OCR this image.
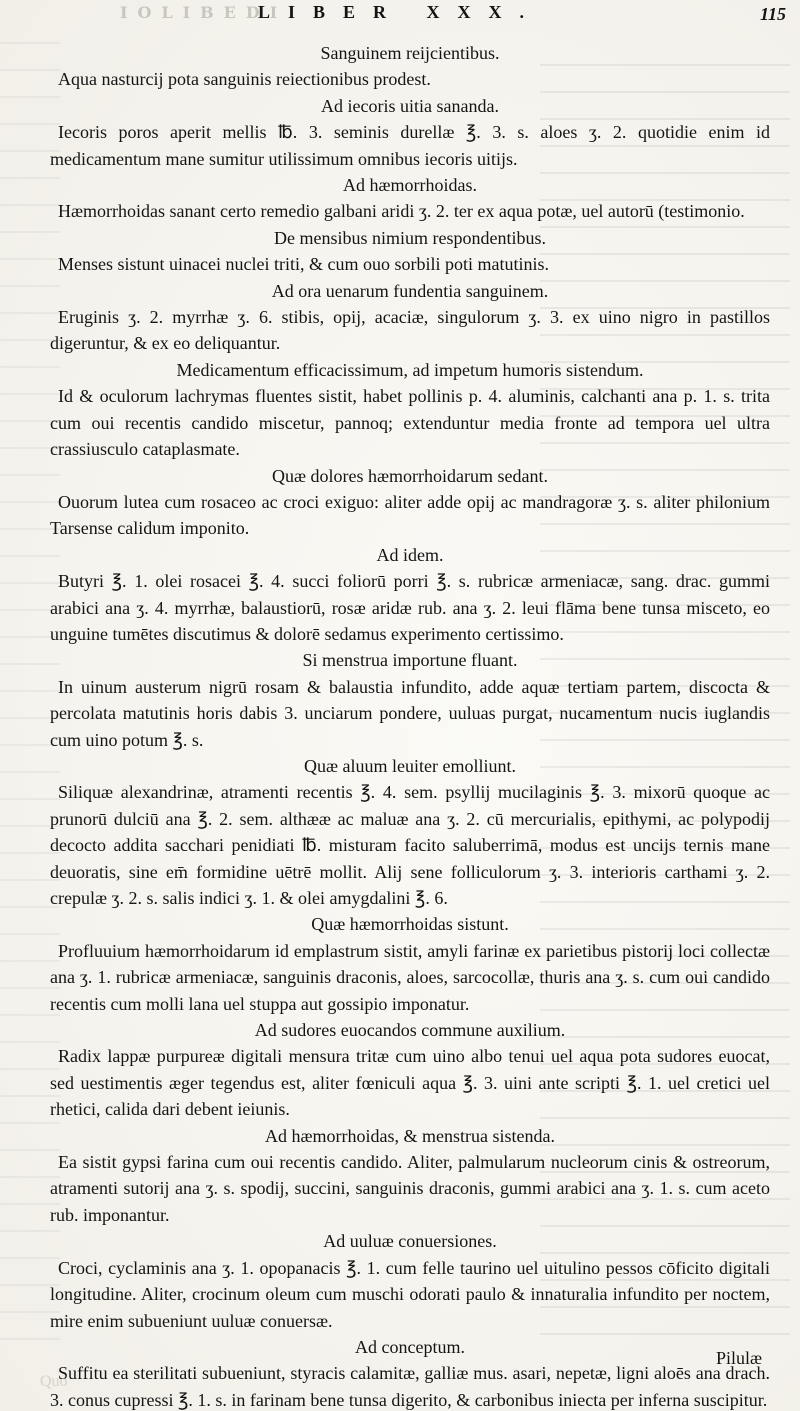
IOLIBEDI
LIBER XXX.	115
Sanguinem reijcientibus.

Aqua nasturcij pota sanguinis reiectionibus prodest.

Ad iecoris uitia sananda.

Iecoris poros aperit mellis ℔. 3. seminis durellæ ℥. 3. s. aloes ʒ. 2. quotidie enim id medicamentum mane sumitur utilissimum omnibus iecoris uitijs.

Ad hæmorrhoidas.

Hæmorrhoidas sanant certo remedio galbani aridi ʒ. 2. ter ex aqua potæ, uel autorū (testimonio.

De mensibus nimium respondentibus.

Menses sistunt uinacei nuclei triti, & cum ouo sorbili poti matutinis.

Ad ora uenarum fundentia sanguinem.

Eruginis ʒ. 2. myrrhæ ʒ. 6. stibis, opij, acaciæ, singulorum ʒ. 3. ex uino nigro in pastillos digeruntur, & ex eo deliquantur.

Medicamentum efficacissimum, ad impetum humoris sistendum.

Id & oculorum lachrymas fluentes sistit, habet pollinis p. 4. aluminis, calchanti ana p. 1. s. trita cum oui recentis candido miscetur, pannoq; extenduntur media fronte ad tempora uel ultra crassiusculo cataplasmate.

Quæ dolores hæmorrhoidarum sedant.

Ouorum lutea cum rosaceo ac croci exiguo: aliter adde opij ac mandragoræ ʒ. s. aliter philonium Tarsense calidum imponito.

Ad idem.

Butyri ℥. 1. olei rosacei ℥. 4. succi foliorū porri ℥. s. rubricæ armeniacæ, sang. drac. gummi arabici ana ʒ. 4. myrrhæ, balaustiorū, rosæ aridæ rub. ana ʒ. 2. leui flāma bene tunsa misceto, eo unguine tumētes discutimus & dolorē sedamus experimento certissimo.

Si menstrua importune fluant.

In uinum austerum nigrū rosam & balaustia infundito, adde aquæ tertiam partem, discocta & percolata matutinis horis dabis 3. unciarum pondere, uuluas purgat, nucamentum nucis iuglandis cum uino potum ℥. s.

Quæ aluum leuiter emolliunt.

Siliquæ alexandrinæ, atramenti recentis ℥. 4. sem. psyllij mucilaginis ℥. 3. mixorū quoque ac prunorū dulciū ana ℥. 2. sem. althææ ac maluæ ana ʒ. 2. cū mercurialis, epithymi, ac polypodij decocto addita sacchari penidiati ℔. misturam facito saluberrimā, modus est uncijs ternis mane deuoratis, sine em̄ formidine uētrē mollit. Alij sene folliculorum ʒ. 3. interioris carthami ʒ. 2. crepulæ ʒ. 2. s. salis indici ʒ. 1. & olei amygdalini ℥. 6.

Quæ hæmorrhoidas sistunt.

Profluuium hæmorrhoidarum id emplastrum sistit, amyli farinæ ex parietibus pistorij loci collectæ ana ʒ. 1. rubricæ armeniacæ, sanguinis draconis, aloes, sarcocollæ, thuris ana ʒ. s. cum oui candido recentis cum molli lana uel stuppa aut gossipio imponatur.

Ad sudores euocandos commune auxilium.

Radix lappæ purpureæ digitali mensura tritæ cum uino albo tenui uel aqua pota sudores euocat, sed uestimentis æger tegendus est, aliter fœniculi aqua ℥. 3. uini ante scripti ℥. 1. uel cretici uel rhetici, calida dari debent ieiunis.

Ad hæmorrhoidas, & menstrua sistenda.

Ea sistit gypsi farina cum oui recentis candido. Aliter, palmularum nucleorum cinis & ostreorum, atramenti sutorij ana ʒ. s. spodij, succini, sanguinis draconis, gummi arabici ana ʒ. 1. s. cum aceto rub. imponantur.

Ad uuluæ conuersiones.

Croci, cyclaminis ana ʒ. 1. opopanacis ℥. 1. cum felle taurino uel uitulino pessos cōficito digitali longitudine. Aliter, crocinum oleum cum muschi odorati paulo & innaturalia infundito per noctem, mire enim subueniunt uuluæ conuersæ.

Ad conceptum.

Suffitu ea sterilitati subueniunt, styracis calamitæ, galliæ mus. asari, nepetæ, ligni aloēs ana drach. 3. conus cupressi ℥. 1. s. in farinam bene tunsa digerito, & carbonibus iniecta per inferna suscipitur.

Pilulæ
Quo
